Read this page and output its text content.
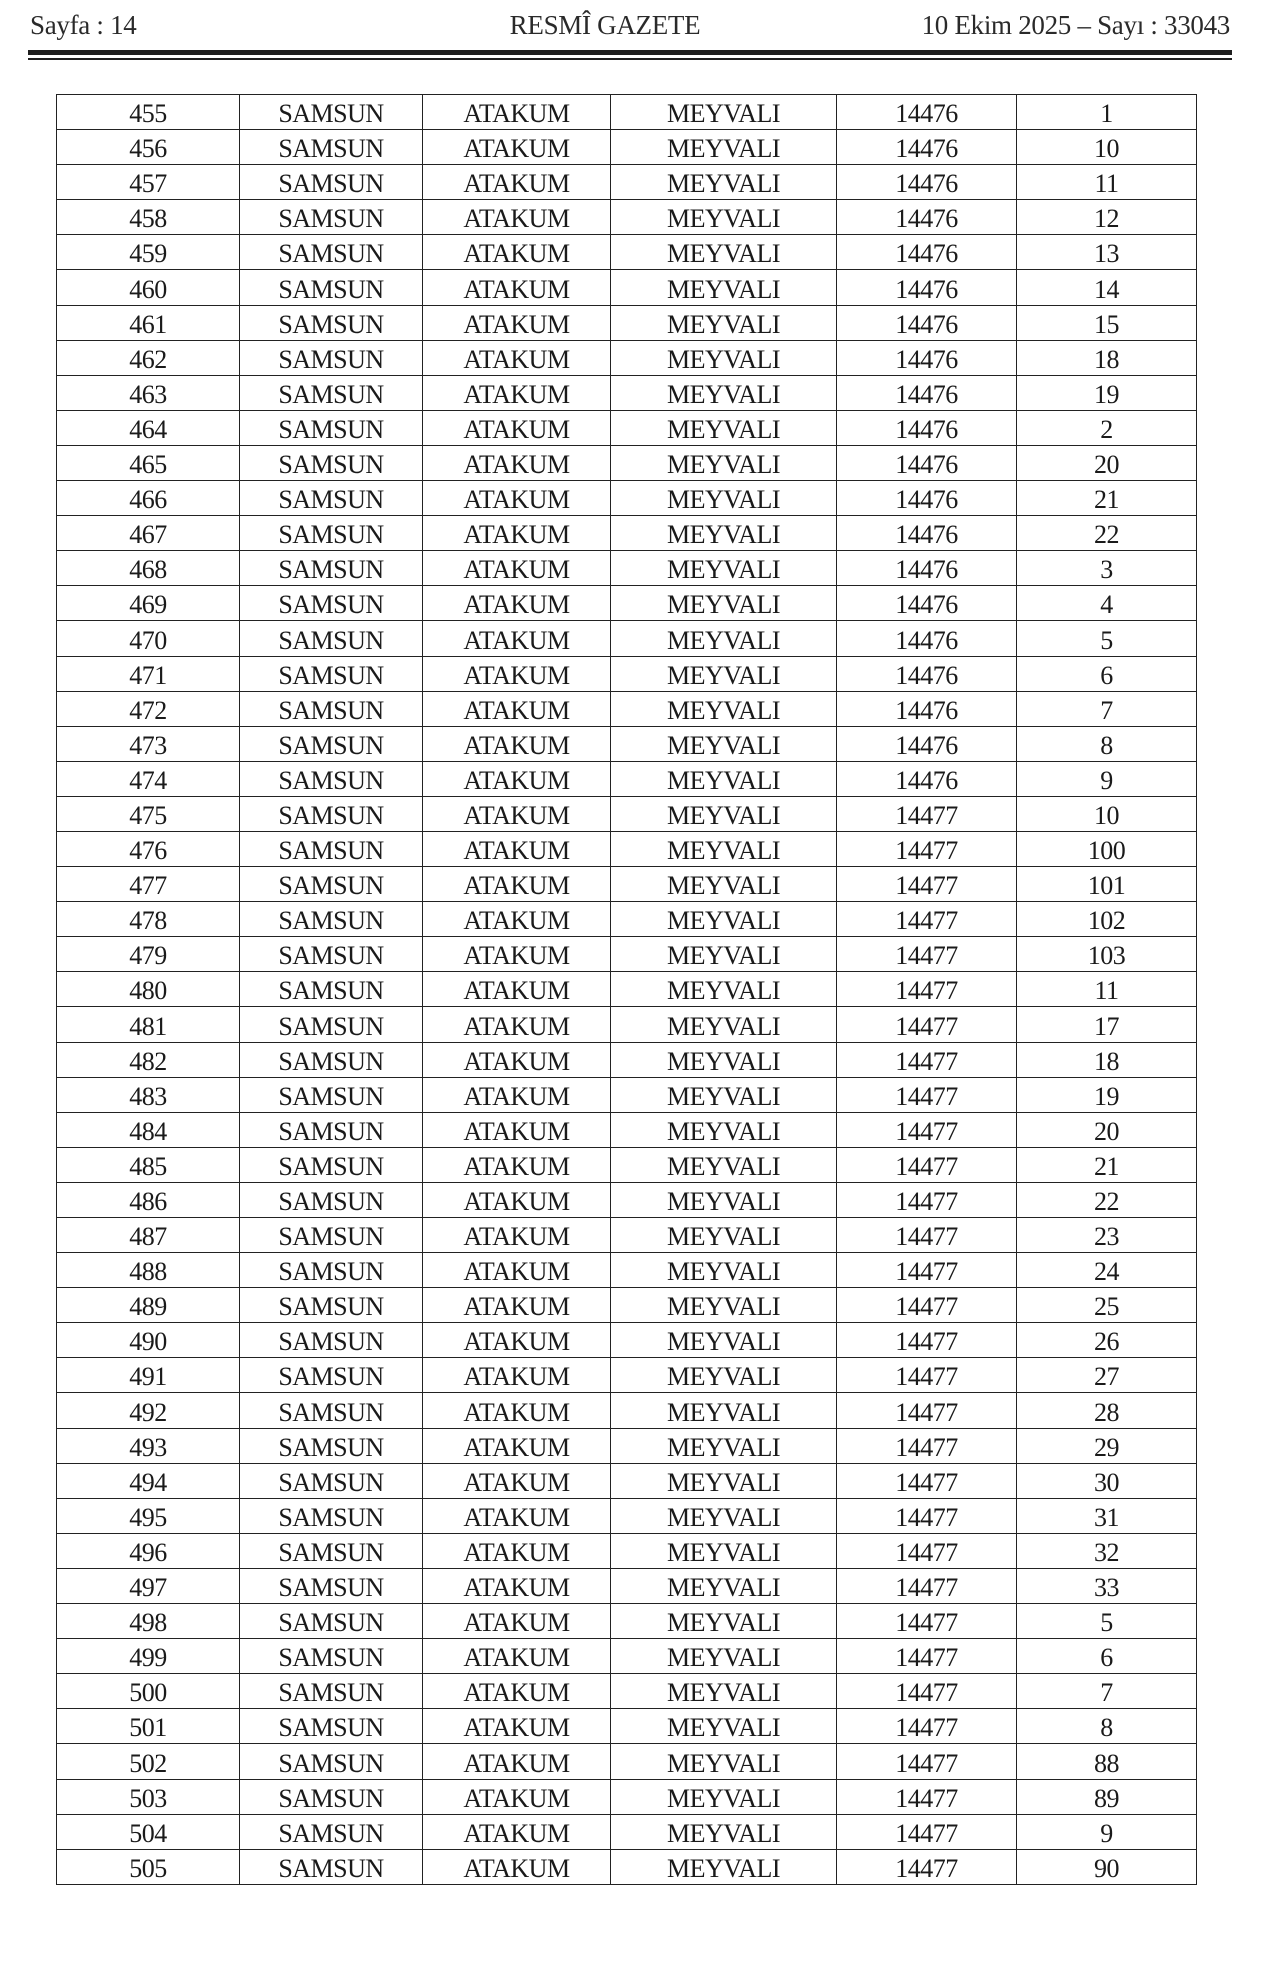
Sayfa : 14	RESMÎ GAZETE	10 Ekim 2025 – Sayı : 33043
455	SAMSUN	ATAKUM	MEYVALI	14476	1
456	SAMSUN	ATAKUM	MEYVALI	14476	10
457	SAMSUN	ATAKUM	MEYVALI	14476	11
458	SAMSUN	ATAKUM	MEYVALI	14476	12
459	SAMSUN	ATAKUM	MEYVALI	14476	13
460	SAMSUN	ATAKUM	MEYVALI	14476	14
461	SAMSUN	ATAKUM	MEYVALI	14476	15
462	SAMSUN	ATAKUM	MEYVALI	14476	18
463	SAMSUN	ATAKUM	MEYVALI	14476	19
464	SAMSUN	ATAKUM	MEYVALI	14476	2
465	SAMSUN	ATAKUM	MEYVALI	14476	20
466	SAMSUN	ATAKUM	MEYVALI	14476	21
467	SAMSUN	ATAKUM	MEYVALI	14476	22
468	SAMSUN	ATAKUM	MEYVALI	14476	3
469	SAMSUN	ATAKUM	MEYVALI	14476	4
470	SAMSUN	ATAKUM	MEYVALI	14476	5
471	SAMSUN	ATAKUM	MEYVALI	14476	6
472	SAMSUN	ATAKUM	MEYVALI	14476	7
473	SAMSUN	ATAKUM	MEYVALI	14476	8
474	SAMSUN	ATAKUM	MEYVALI	14476	9
475	SAMSUN	ATAKUM	MEYVALI	14477	10
476	SAMSUN	ATAKUM	MEYVALI	14477	100
477	SAMSUN	ATAKUM	MEYVALI	14477	101
478	SAMSUN	ATAKUM	MEYVALI	14477	102
479	SAMSUN	ATAKUM	MEYVALI	14477	103
480	SAMSUN	ATAKUM	MEYVALI	14477	11
481	SAMSUN	ATAKUM	MEYVALI	14477	17
482	SAMSUN	ATAKUM	MEYVALI	14477	18
483	SAMSUN	ATAKUM	MEYVALI	14477	19
484	SAMSUN	ATAKUM	MEYVALI	14477	20
485	SAMSUN	ATAKUM	MEYVALI	14477	21
486	SAMSUN	ATAKUM	MEYVALI	14477	22
487	SAMSUN	ATAKUM	MEYVALI	14477	23
488	SAMSUN	ATAKUM	MEYVALI	14477	24
489	SAMSUN	ATAKUM	MEYVALI	14477	25
490	SAMSUN	ATAKUM	MEYVALI	14477	26
491	SAMSUN	ATAKUM	MEYVALI	14477	27
492	SAMSUN	ATAKUM	MEYVALI	14477	28
493	SAMSUN	ATAKUM	MEYVALI	14477	29
494	SAMSUN	ATAKUM	MEYVALI	14477	30
495	SAMSUN	ATAKUM	MEYVALI	14477	31
496	SAMSUN	ATAKUM	MEYVALI	14477	32
497	SAMSUN	ATAKUM	MEYVALI	14477	33
498	SAMSUN	ATAKUM	MEYVALI	14477	5
499	SAMSUN	ATAKUM	MEYVALI	14477	6
500	SAMSUN	ATAKUM	MEYVALI	14477	7
501	SAMSUN	ATAKUM	MEYVALI	14477	8
502	SAMSUN	ATAKUM	MEYVALI	14477	88
503	SAMSUN	ATAKUM	MEYVALI	14477	89
504	SAMSUN	ATAKUM	MEYVALI	14477	9
505	SAMSUN	ATAKUM	MEYVALI	14477	90
